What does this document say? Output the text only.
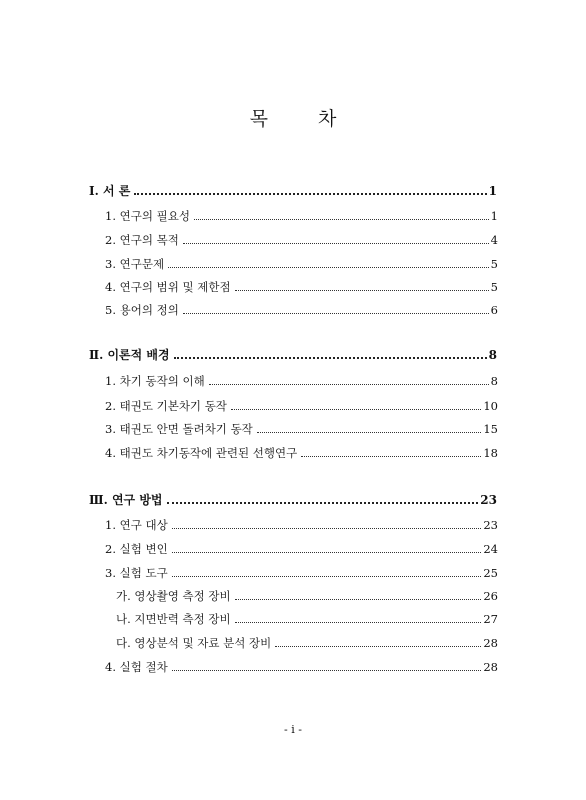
목 차
Ⅰ. 서 론	1
1. 연구의 필요성	1
2. 연구의 목적	4
3. 연구문제	5
4. 연구의 범위 및 제한점	5
5. 용어의 정의	6
Ⅱ. 이론적 배경	8
1. 차기 동작의 이해	8
2. 태권도 기본차기 동작	10
3. 태권도 안면 돌려차기 동작	15
4. 태권도 차기동작에 관련된 선행연구	18
Ⅲ. 연구 방법	23
1. 연구 대상	23
2. 실험 변인	24
3. 실험 도구	25
가. 영상촬영 측정 장비	26
나. 지면반력 측정 장비	27
다. 영상분석 및 자료 분석 장비	28
4. 실험 절차	28
- i -
